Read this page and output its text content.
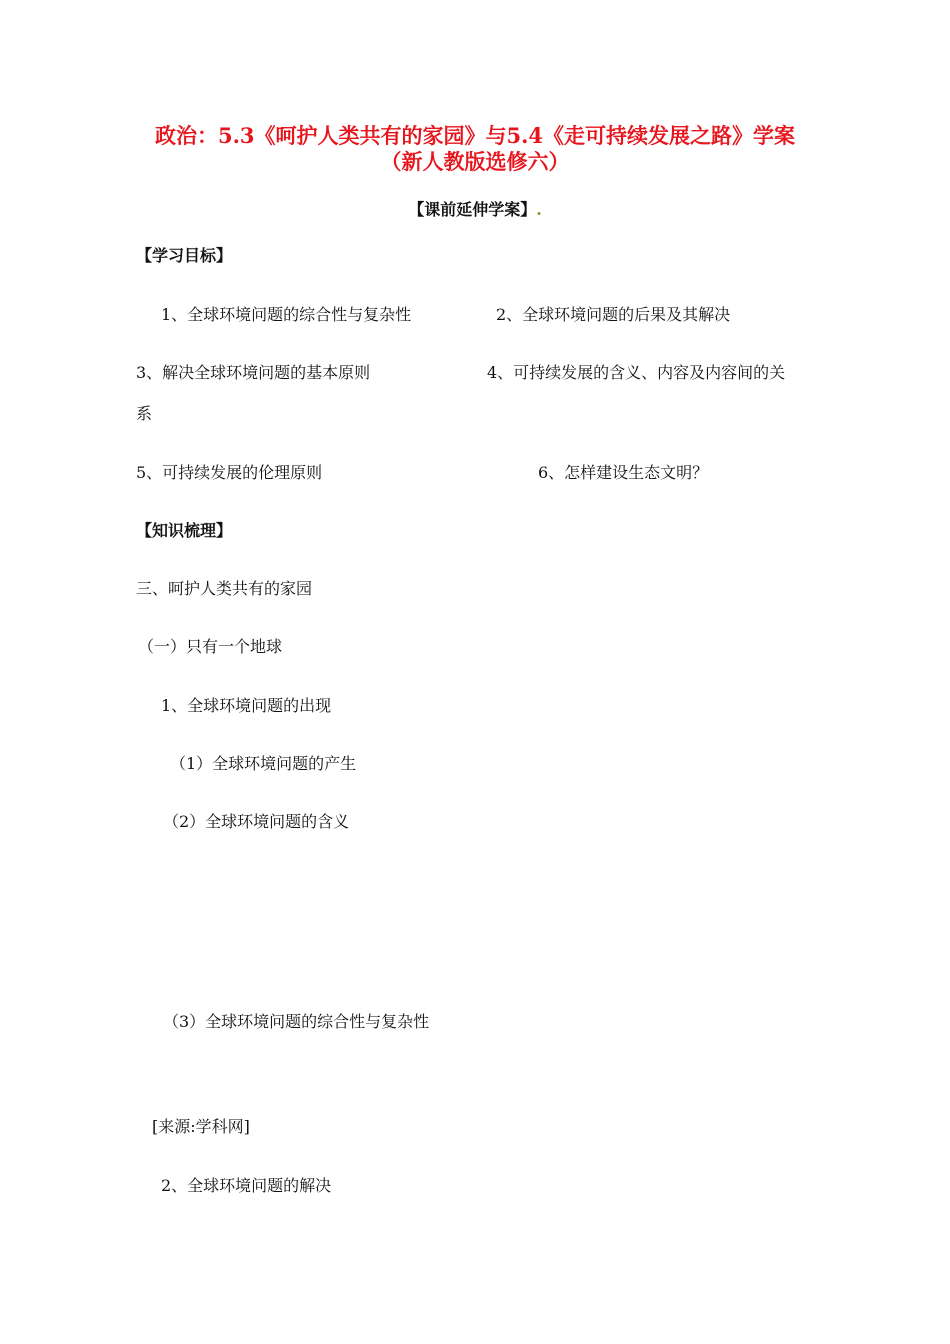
政治：5.3《呵护人类共有的家园》与5.4《走可持续发展之路》学案
（新人教版选修六）
【课前延伸学案】.
【学习目标】
1、全球环境问题的综合性与复杂性	2、全球环境问题的后果及其解决
3、解决全球环境问题的基本原则	4、可持续发展的含义、内容及内容间的关
系
5、可持续发展的伦理原则	6、怎样建设生态文明？
【知识梳理】
三、呵护人类共有的家园
（一）只有一个地球
1、全球环境问题的出现
（1）全球环境问题的产生
（2）全球环境问题的含义
（3）全球环境问题的综合性与复杂性
[来源:学科网]
2、全球环境问题的解决
